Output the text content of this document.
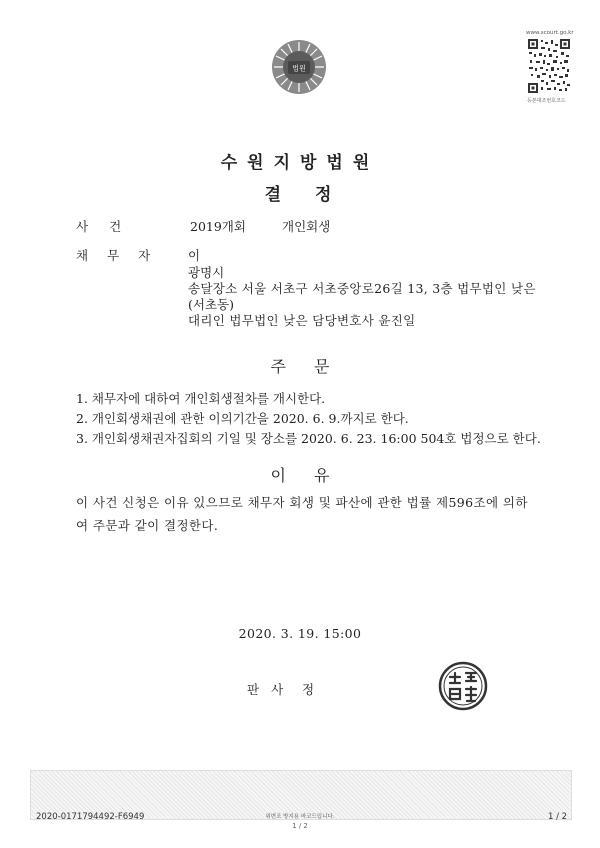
법원
www.scourt.go.kr
등본대조번호코드
수원지방법원
결정
사건	2019개회	개인회생
채무자 이
광명시
송달장소 서울 서초구 서초중앙로26길 13, 3층 법무법인 낮은
(서초동)
대리인 법무법인 낮은 담당변호사 윤진일
주문
1. 채무자에 대하여 개인회생절차를 개시한다.
2. 개인회생채권에 관한 이의기간을 2020. 6. 9.까지로 한다.
3. 개인회생채권자집회의 기일 및 장소를 2020. 6. 23. 16:00 504호 법정으로 한다.
이유
이 사건 신청은 이유 있으므로 채무자 회생 및 파산에 관한 법률 제596조에 의하여 주문과 같이 결정한다.
2020. 3. 19. 15:00
판사 정
위변조 방지용 바코드입니다.
2020-0171794492-F6949	1 / 2
1 / 2
